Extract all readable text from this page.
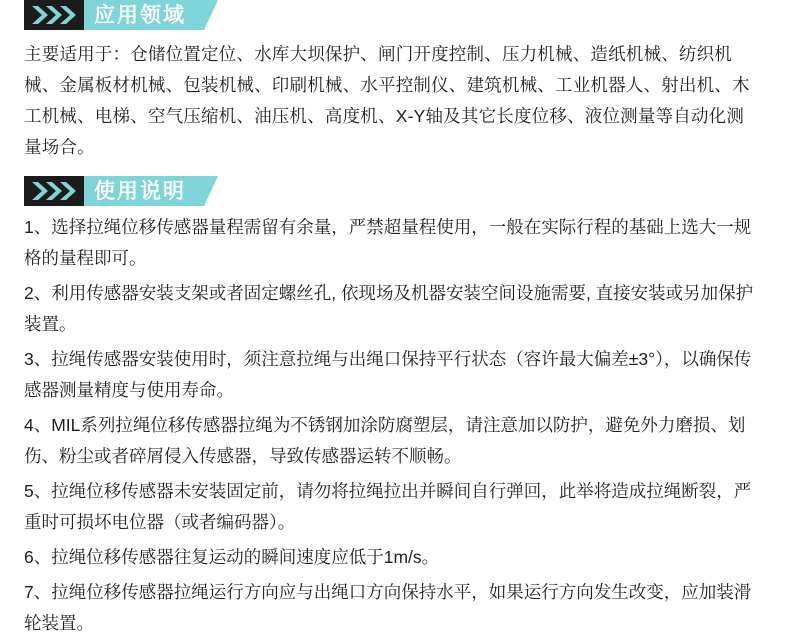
应用领域

主要适用于：仓储位置定位、水库大坝保护、闸门开度控制、压力机械、造纸机械、纺织机械、金属板材机械、包装机械、印刷机械、水平控制仪、建筑机械、工业机器人、射出机、木工机械、电梯、空气压缩机、油压机、高度机、X-Y轴及其它长度位移、液位测量等自动化测量场合。

使用说明

1、选择拉绳位移传感器量程需留有余量，严禁超量程使用，一般在实际行程的基础上选大一规格的量程即可。

2、利用传感器安装支架或者固定螺丝孔, 依现场及机器安装空间设施需要, 直接安装或另加保护装置。

3、拉绳传感器安装使用时，须注意拉绳与出绳口保持平行状态（容许最大偏差±3°），以确保传感器测量精度与使用寿命。

4、MIL系列拉绳位移传感器拉绳为不锈钢加涂防腐塑层，请注意加以防护，避免外力磨损、划伤、粉尘或者碎屑侵入传感器，导致传感器运转不顺畅。

5、拉绳位移传感器未安装固定前，请勿将拉绳拉出并瞬间自行弹回，此举将造成拉绳断裂，严重时可损坏电位器（或者编码器）。

6、拉绳位移传感器往复运动的瞬间速度应低于1m/s。

7、拉绳位移传感器拉绳运行方向应与出绳口方向保持水平，如果运行方向发生改变，应加装滑轮装置。
